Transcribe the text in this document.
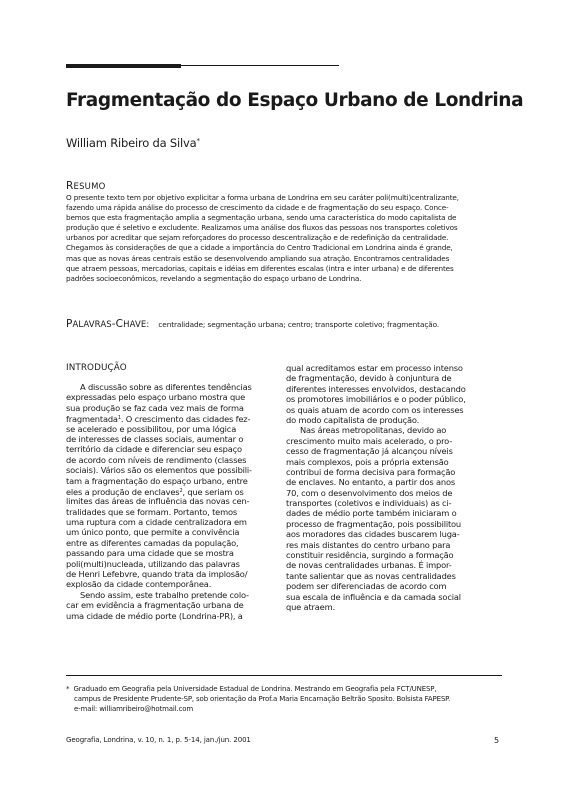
Fragmentação do Espaço Urbano de Londrina
William Ribeiro da Silva*
RESUMO
O presente texto tem por objetivo explicitar a forma urbana de Londrina em seu caráter poli(multi)centralizante,
fazendo uma rápida análise do processo de crescimento da cidade e de fragmentação do seu espaço. Conce-
bemos que esta fragmentação amplia a segmentação urbana, sendo uma característica do modo capitalista de
produção que é seletivo e excludente. Realizamos uma análise dos fluxos das pessoas nos transportes coletivos
urbanos por acreditar que sejam reforçadores do processo descentralização e de redefinição da centralidade.
Chegamos às considerações de que a cidade a importância do Centro Tradicional em Londrina ainda é grande,
mas que as novas áreas centrais estão se desenvolvendo ampliando sua atração. Encontramos centralidades
que atraem pessoas, mercadorias, capitais e idéias em diferentes escalas (intra e inter urbana) e de diferentes
padrões socioeconômicos, revelando a segmentação do espaço urbano de Londrina.
PALAVRAS-CHAVE: centralidade; segmentação urbana; centro; transporte coletivo; fragmentação.
INTRODUÇÃO
A discussão sobre as diferentes tendências
expressadas pelo espaço urbano mostra que
sua produção se faz cada vez mais de forma
fragmentada$^1$. O crescimento das cidades fez-
se acelerado e possibilitou, por uma lógica
de interesses de classes sociais, aumentar o
território da cidade e diferenciar seu espaço
de acordo com níveis de rendimento (classes
sociais). Vários são os elementos que possibili-
tam a fragmentação do espaço urbano, entre
eles a produção de enclaves$^2$, que seriam os
limites das áreas de influência das novas cen-
tralidades que se formam. Portanto, temos
uma ruptura com a cidade centralizadora em
um único ponto, que permite a convivência
entre as diferentes camadas da população,
passando para uma cidade que se mostra
poli(multi)nucleada, utilizando das palavras
de Henri Lefebvre, quando trata da implosão/
explosão da cidade contemporânea.
Sendo assim, este trabalho pretende colo-
car em evidência a fragmentação urbana de
uma cidade de médio porte (Londrina-PR), a
qual acreditamos estar em processo intenso
de fragmentação, devido à conjuntura de
diferentes interesses envolvidos, destacando
os promotores imobiliários e o poder público,
os quais atuam de acordo com os interesses
do modo capitalista de produção.
Nas áreas metropolitanas, devido ao
crescimento muito mais acelerado, o pro-
cesso de fragmentação já alcançou níveis
mais complexos, pois a própria extensão
contribui de forma decisiva para formação
de enclaves. No entanto, a partir dos anos
70, com o desenvolvimento dos meios de
transportes (coletivos e individuais) as ci-
dades de médio porte também iniciaram o
processo de fragmentação, pois possibilitou
aos moradores das cidades buscarem luga-
res mais distantes do centro urbano para
constituir residência, surgindo a formação
de novas centralidades urbanas. É impor-
tante salientar que as novas centralidades
podem ser diferenciadas de acordo com
sua escala de influência e da camada social
que atraem.
* Graduado em Geografia pela Universidade Estadual de Londrina. Mestrando em Geografia pela FCT/UNESP,
campus de Presidente Prudente-SP, sob orientação da Prof.a Maria Encarnação Beltrão Sposito. Bolsista FAPESP.
e-mail: williamribeiro@hotmail.com
Geografia, Londrina, v. 10, n. 1, p. 5-14, jan./jun. 2001	5
